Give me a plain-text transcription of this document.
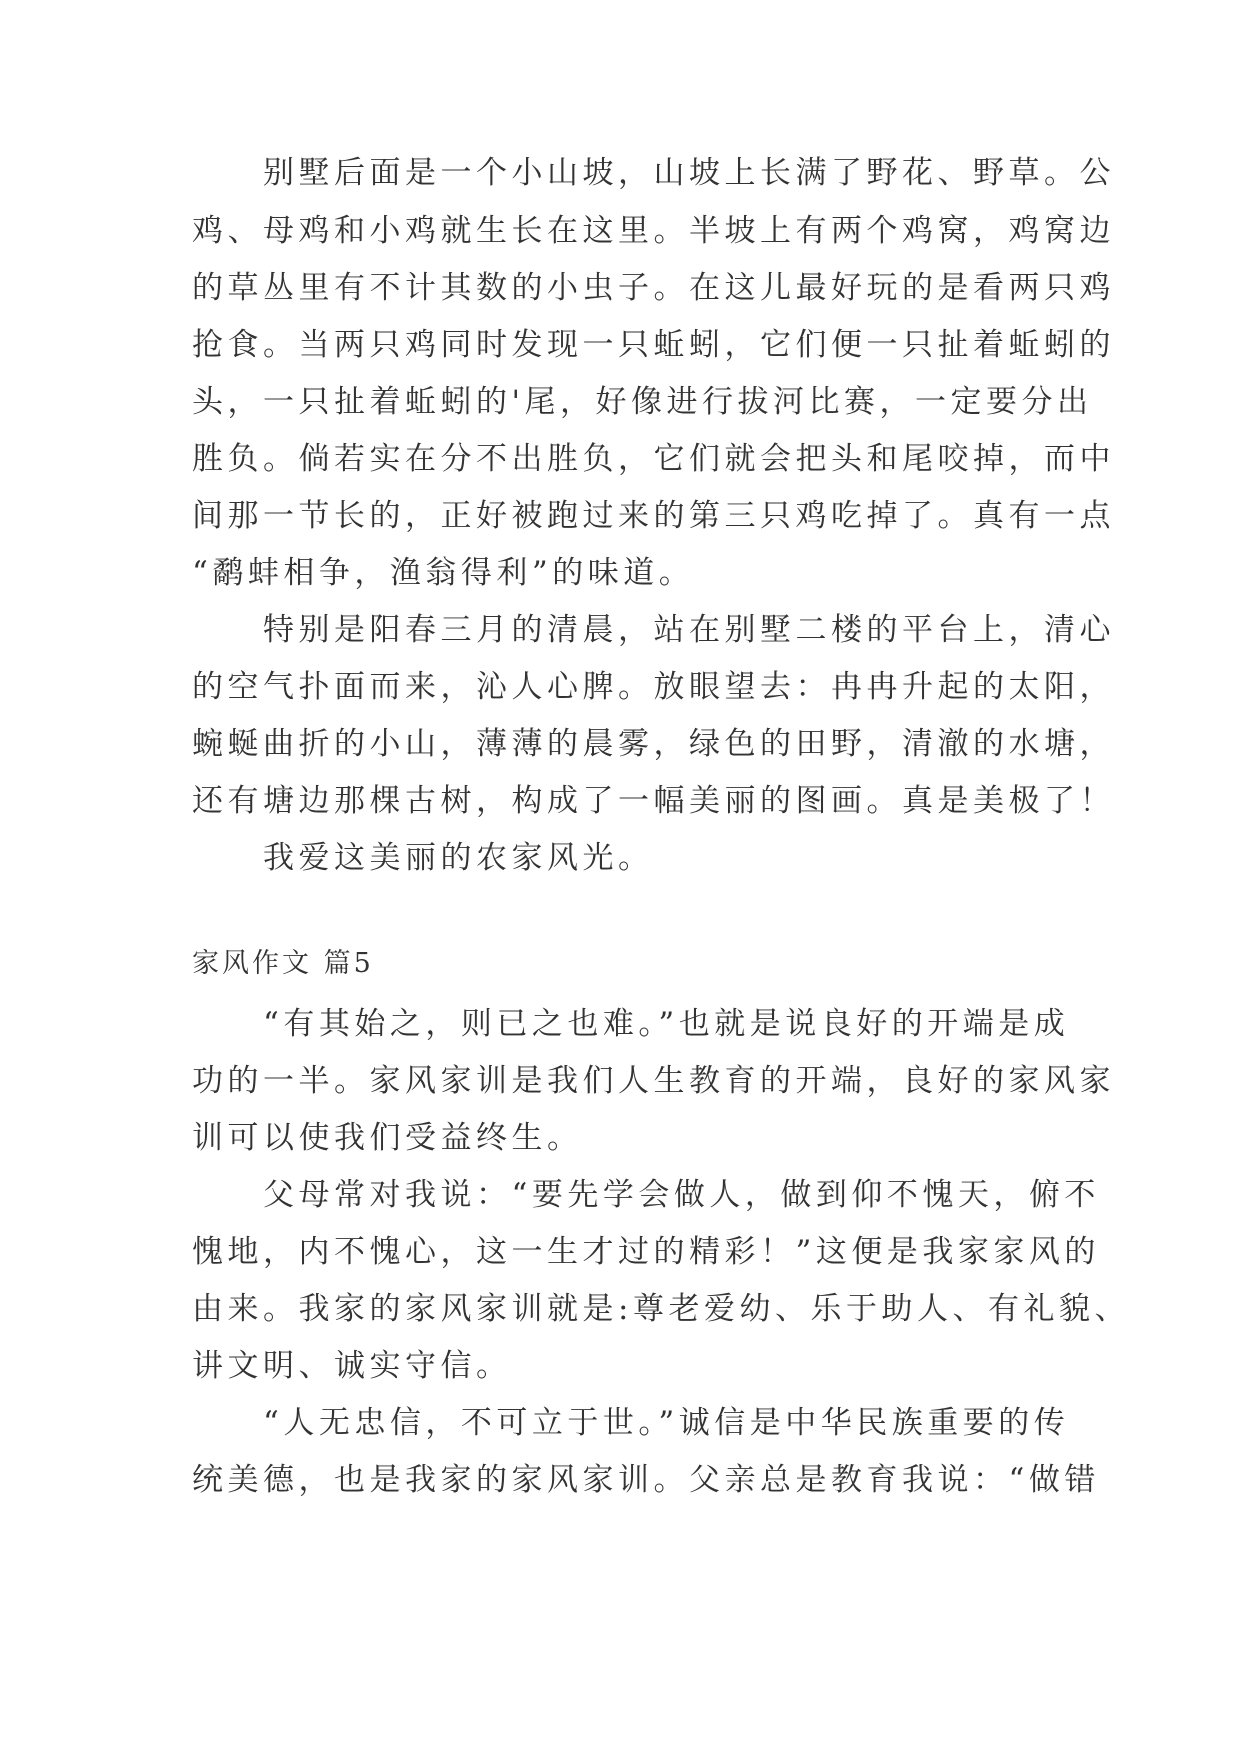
　　别墅后面是一个小山坡，山坡上长满了野花、野草。公
鸡、母鸡和小鸡就生长在这里。半坡上有两个鸡窝，鸡窝边
的草丛里有不计其数的小虫子。在这儿最好玩的是看两只鸡
抢食。当两只鸡同时发现一只蚯蚓，它们便一只扯着蚯蚓的
头，一只扯着蚯蚓的'尾，好像进行拔河比赛，一定要分出
胜负。倘若实在分不出胜负，它们就会把头和尾咬掉，而中
间那一节长的，正好被跑过来的第三只鸡吃掉了。真有一点
“鹬蚌相争，渔翁得利”的味道。
　　特别是阳春三月的清晨，站在别墅二楼的平台上，清心
的空气扑面而来，沁人心脾。放眼望去：冉冉升起的太阳，
蜿蜒曲折的小山，薄薄的晨雾，绿色的田野，清澈的水塘，
还有塘边那棵古树，构成了一幅美丽的图画。真是美极了！
　　我爱这美丽的农家风光。
家风作文 篇5
　　“有其始之，则已之也难。”也就是说良好的开端是成
功的一半。家风家训是我们人生教育的开端，良好的家风家
训可以使我们受益终生。
　　父母常对我说：“要先学会做人，做到仰不愧天，俯不
愧地，内不愧心，这一生才过的精彩！”这便是我家家风的
由来。我家的家风家训就是:尊老爱幼、乐于助人、有礼貌、
讲文明、诚实守信。
　　“人无忠信，不可立于世。”诚信是中华民族重要的传
统美德，也是我家的家风家训。父亲总是教育我说：“做错
